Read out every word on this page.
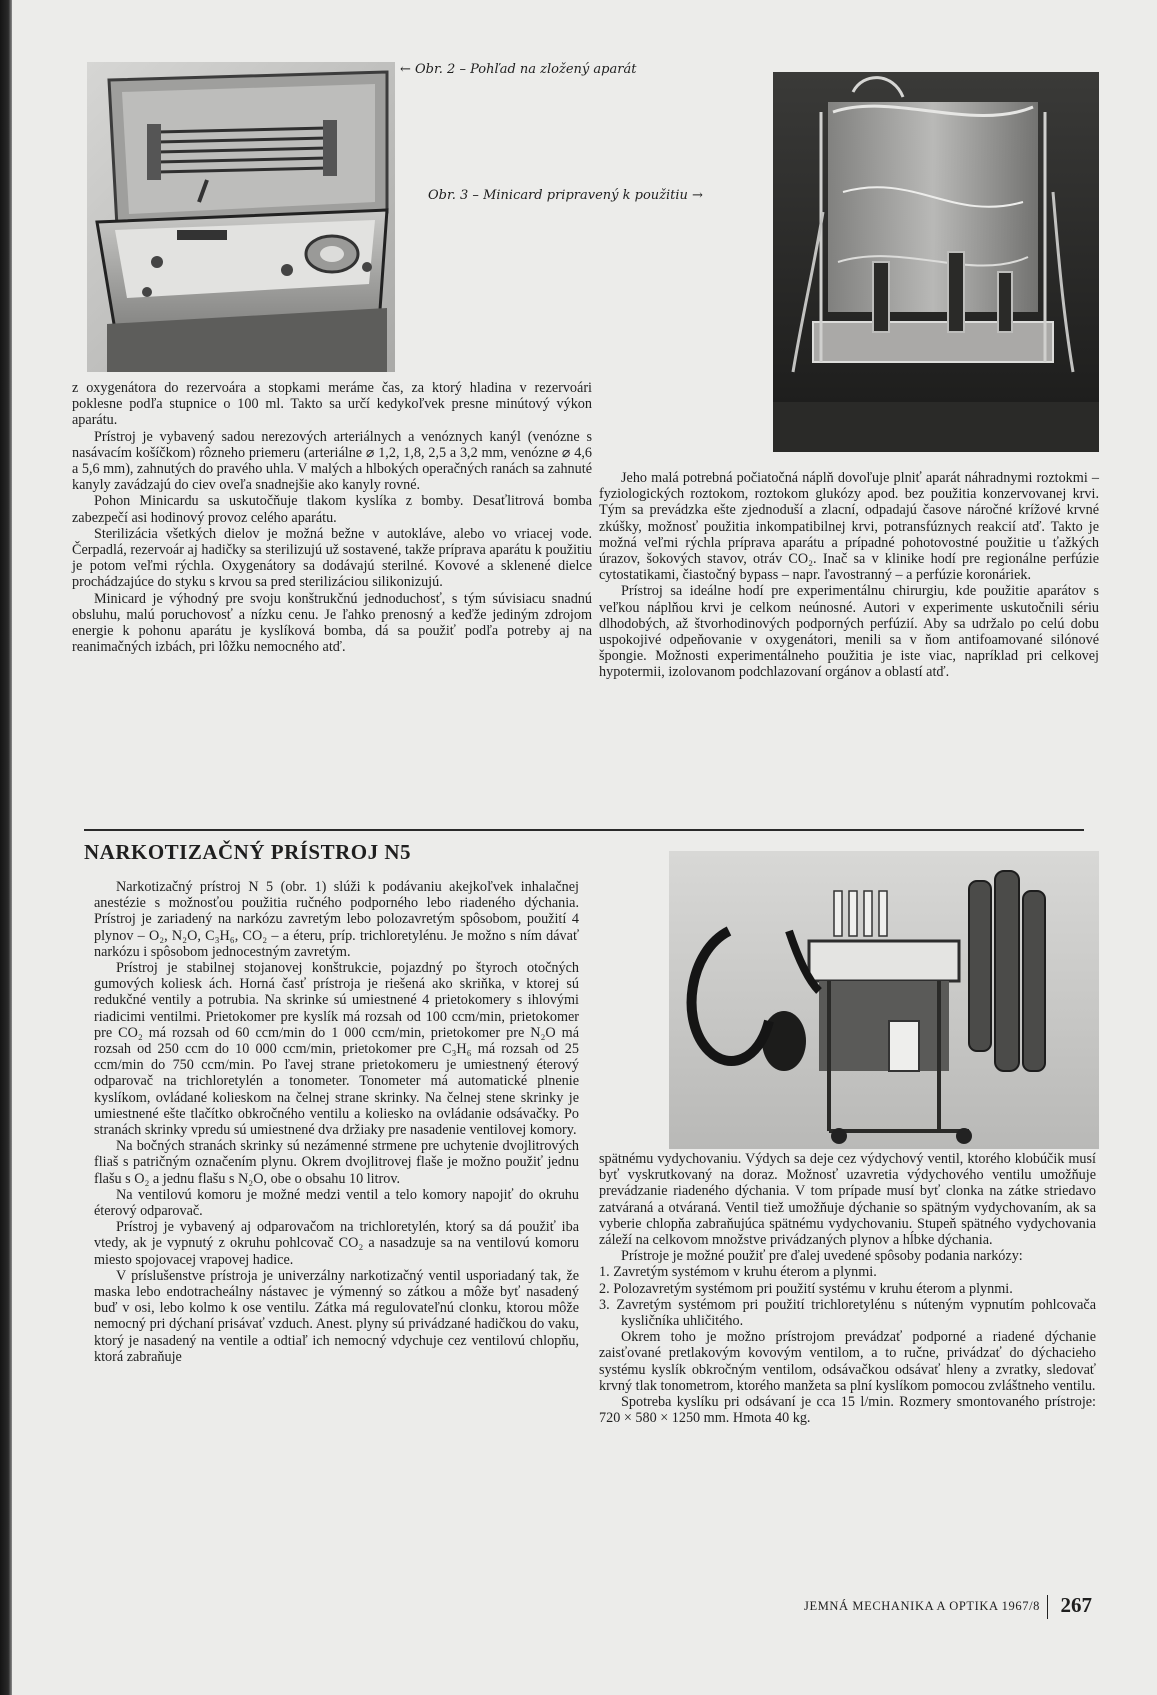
← Obr. 2 – Pohľad na zložený aparát
Obr. 3 – Minicard pripravený k použitiu →

z oxygenátora do rezervoára a stopkami meráme čas, za ktorý hladina v rezervoári poklesne podľa stupnice o 100 ml. Takto sa určí kedykoľvek presne minútový výkon aparátu.

Prístroj je vybavený sadou nerezových arteriálnych a venóznych kanýl (venózne s nasávacím košíčkom) rôzneho priemeru (arteriálne ⌀ 1,2, 1,8, 2,5 a 3,2 mm, venózne ⌀ 4,6 a 5,6 mm), zahnutých do pravého uhla. V malých a hlbokých operačných ranách sa zahnuté kanyly zavádzajú do ciev oveľa snadnejšie ako kanyly rovné.

Pohon Minicardu sa uskutočňuje tlakom kyslíka z bomby. Desaťlitrová bomba zabezpečí asi hodinový provoz celého aparátu.

Sterilizácia všetkých dielov je možná bežne v autokláve, alebo vo vriacej vode. Čerpadlá, rezervoár aj hadičky sa sterilizujú už sostavené, takže príprava aparátu k použitiu je potom veľmi rýchla. Oxygenátory sa dodávajú sterilné. Kovové a sklenené dielce prochádzajúce do styku s krvou sa pred sterilizáciou silikonizujú.

Minicard je výhodný pre svoju konštrukčnú jednoduchosť, s tým súvisiacu snadnú obsluhu, malú poruchovosť a nízku cenu. Je ľahko prenosný a keďže jediným zdrojom energie k pohonu aparátu je kyslíková bomba, dá sa použiť podľa potreby aj na reanimačných izbách, pri lôžku nemocného atď.

Jeho malá potrebná počiatočná náplň dovoľuje plniť aparát náhradnymi roztokmi – fyziologických roztokom, roztokom glukózy apod. bez použitia konzervovanej krvi. Tým sa prevádzka ešte zjednoduší a zlacní, odpadajú časove náročné krížové krvné zkúšky, možnosť použitia inkompatibilnej krvi, potransfúznych reakcií atď. Takto je možná veľmi rýchla príprava aparátu a prípadné pohotovostné použitie u ťažkých úrazov, šokových stavov, otráv CO₂. Inač sa v klinike hodí pre regionálne perfúzie cytostatikami, čiastočný bypass – napr. ľavostranný – a perfúzie koronáriek.

Prístroj sa ideálne hodí pre experimentálnu chirurgiu, kde použitie aparátov s veľkou náplňou krvi je celkom neúnosné. Autori v experimente uskutočnili sériu dlhodobých, až štvorhodinových podporných perfúzií. Aby sa udržalo po celú dobu uspokojivé odpeňovanie v oxygenátori, menili sa v ňom antifoamované silónové špongie. Možnosti experimentálneho použitia je iste viac, napríklad pri celkovej hypotermii, izolovanom podchlazovaní orgánov a oblastí atď.

NARKOTIZAČNÝ PRÍSTROJ N5

Narkotizačný prístroj N 5 (obr. 1) slúži k podávaniu akejkoľvek inhalačnej anestézie s možnosťou použitia ručného podporného lebo riadeného dýchania. Prístroj je zariadený na narkózu zavretým lebo polozavretým spôsobom, použití 4 plynov – O₂, N₂O, C₃H₆, CO₂ – a éteru, príp. trichloretylénu. Je možno s ním dávať narkózu i spôsobom jednocestným zavretým.

Prístroj je stabilnej stojanovej konštrukcie, pojazdný po štyroch otočných gumových koliesk ách. Horná časť prístroja je riešená ako skriňka, v ktorej sú redukčné ventily a potrubia. Na skrinke sú umiestnené 4 prietokomery s ihlovými riadicimi ventilmi. Prietokomer pre kyslík má rozsah od 100 ccm/min, prietokomer pre CO₂ má rozsah od 60 ccm/min do 1 000 ccm/min, prietokomer pre N₂O má rozsah od 250 ccm do 10 000 ccm/min, prietokomer pre C₃H₆ má rozsah od 25 ccm/min do 750 ccm/min. Po ľavej strane prietokomeru je umiestnený éterový odparovač na trichloretylén a tonometer. Tonometer má automatické plnenie kyslíkom, ovládané kolieskom na čelnej strane skrinky. Na čelnej stene skrinky je umiestnené ešte tlačítko obkročného ventilu a koliesko na ovládanie odsávačky. Po stranách skrinky vpredu sú umiestnené dva držiaky pre nasadenie ventilovej komory.

Na bočných stranách skrinky sú nezámenné strmene pre uchytenie dvojlitrových fliaš s patričným označením plynu. Okrem dvojlitrovej flaše je možno použiť jednu flašu s O₂ a jednu flašu s N₂O, obe o obsahu 10 litrov.

Na ventilovú komoru je možné medzi ventil a telo komory napojiť do okruhu éterový odparovač.

Prístroj je vybavený aj odparovačom na trichloretylén, ktorý sa dá použiť iba vtedy, ak je vypnutý z okruhu pohlcovač CO₂ a nasadzuje sa na ventilovú komoru miesto spojovacej vrapovej hadice.

V príslušenstve prístroja je univerzálny narkotizačný ventil usporiadaný tak, že maska lebo endotracheálny nástavec je výmenný so zátkou a môže byť nasadený buď v osi, lebo kolmo k ose ventilu. Zátka má regulovateľnú clonku, ktorou môže nemocný pri dýchaní prisávať vzduch. Anest. plyny sú privádzané hadičkou do vaku, ktorý je nasadený na ventile a odtiaľ ich nemocný vdychuje cez ventilovú chlopňu, ktorá zabraňuje

spätnému vydychovaniu. Výdych sa deje cez výdychový ventil, ktorého klobúčik musí byť vyskrutkovaný na doraz. Možnosť uzavretia výdychového ventilu umožňuje prevádzanie riadeného dýchania. V tom prípade musí byť clonka na zátke striedavo zatváraná a otváraná. Ventil tiež umožňuje dýchanie so spätným vydychovaním, ak sa vyberie chlopňa zabraňujúca spätnému vydychovaniu. Stupeň spätného vydychovania záleží na celkovom množstve privádzaných plynov a hĺbke dýchania.

Prístroje je možné použiť pre ďalej uvedené spôsoby podania narkózy:

1. Zavretým systémom v kruhu éterom a plynmi.
2. Polozavretým systémom pri použití systému v kruhu éterom a plynmi.
3. Zavretým systémom pri použití trichloretylénu s núteným vypnutím pohlcovača kysličníka uhličitého.

Okrem toho je možno prístrojom prevádzať podporné a riadené dýchanie zaisťované pretlakovým kovovým ventilom, a to ručne, privádzať do dýchacieho systému kyslík obkročným ventilom, odsávačkou odsávať hleny a zvratky, sledovať krvný tlak tonometrom, ktorého manžeta sa plní kyslíkom pomocou zvláštneho ventilu.

Spotreba kyslíku pri odsávaní je cca 15 l/min. Rozmery smontovaného prístroje: 720 × 580 × 1250 mm. Hmota 40 kg.

JEMNÁ MECHANIKA A OPTIKA 1967/8 267
